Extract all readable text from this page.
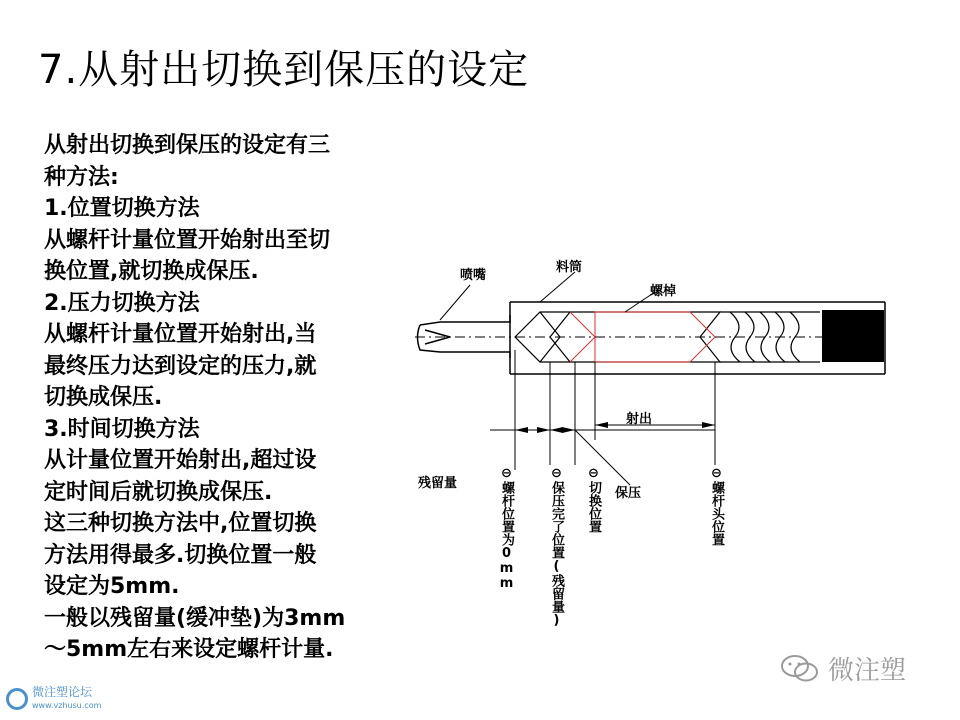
7.从射出切换到保压的设定
从射出切换到保压的设定有三
种方法:
1.位置切换方法
从螺杆计量位置开始射出至切
换位置,就切换成保压.
2.压力切换方法
从螺杆计量位置开始射出,当
最终压力达到设定的压力,就
切换成保压.
3.时间切换方法
从计量位置开始射出,超过设
定时间后就切换成保压.
这三种切换方法中,位置切换
方法用得最多.切换位置一般
设定为5mm.
一般以残留量(缓冲垫)为3mm
～5mm左右来设定螺杆计量.
喷嘴
料筒
螺棹
射出
残留量
保压
⊖螺杆位置为0mm	⊖保压完了位置(残留量) ⊖切换位置	⊖螺杆头位置
微注塑论坛
www.vzhusu.com
微注塑
